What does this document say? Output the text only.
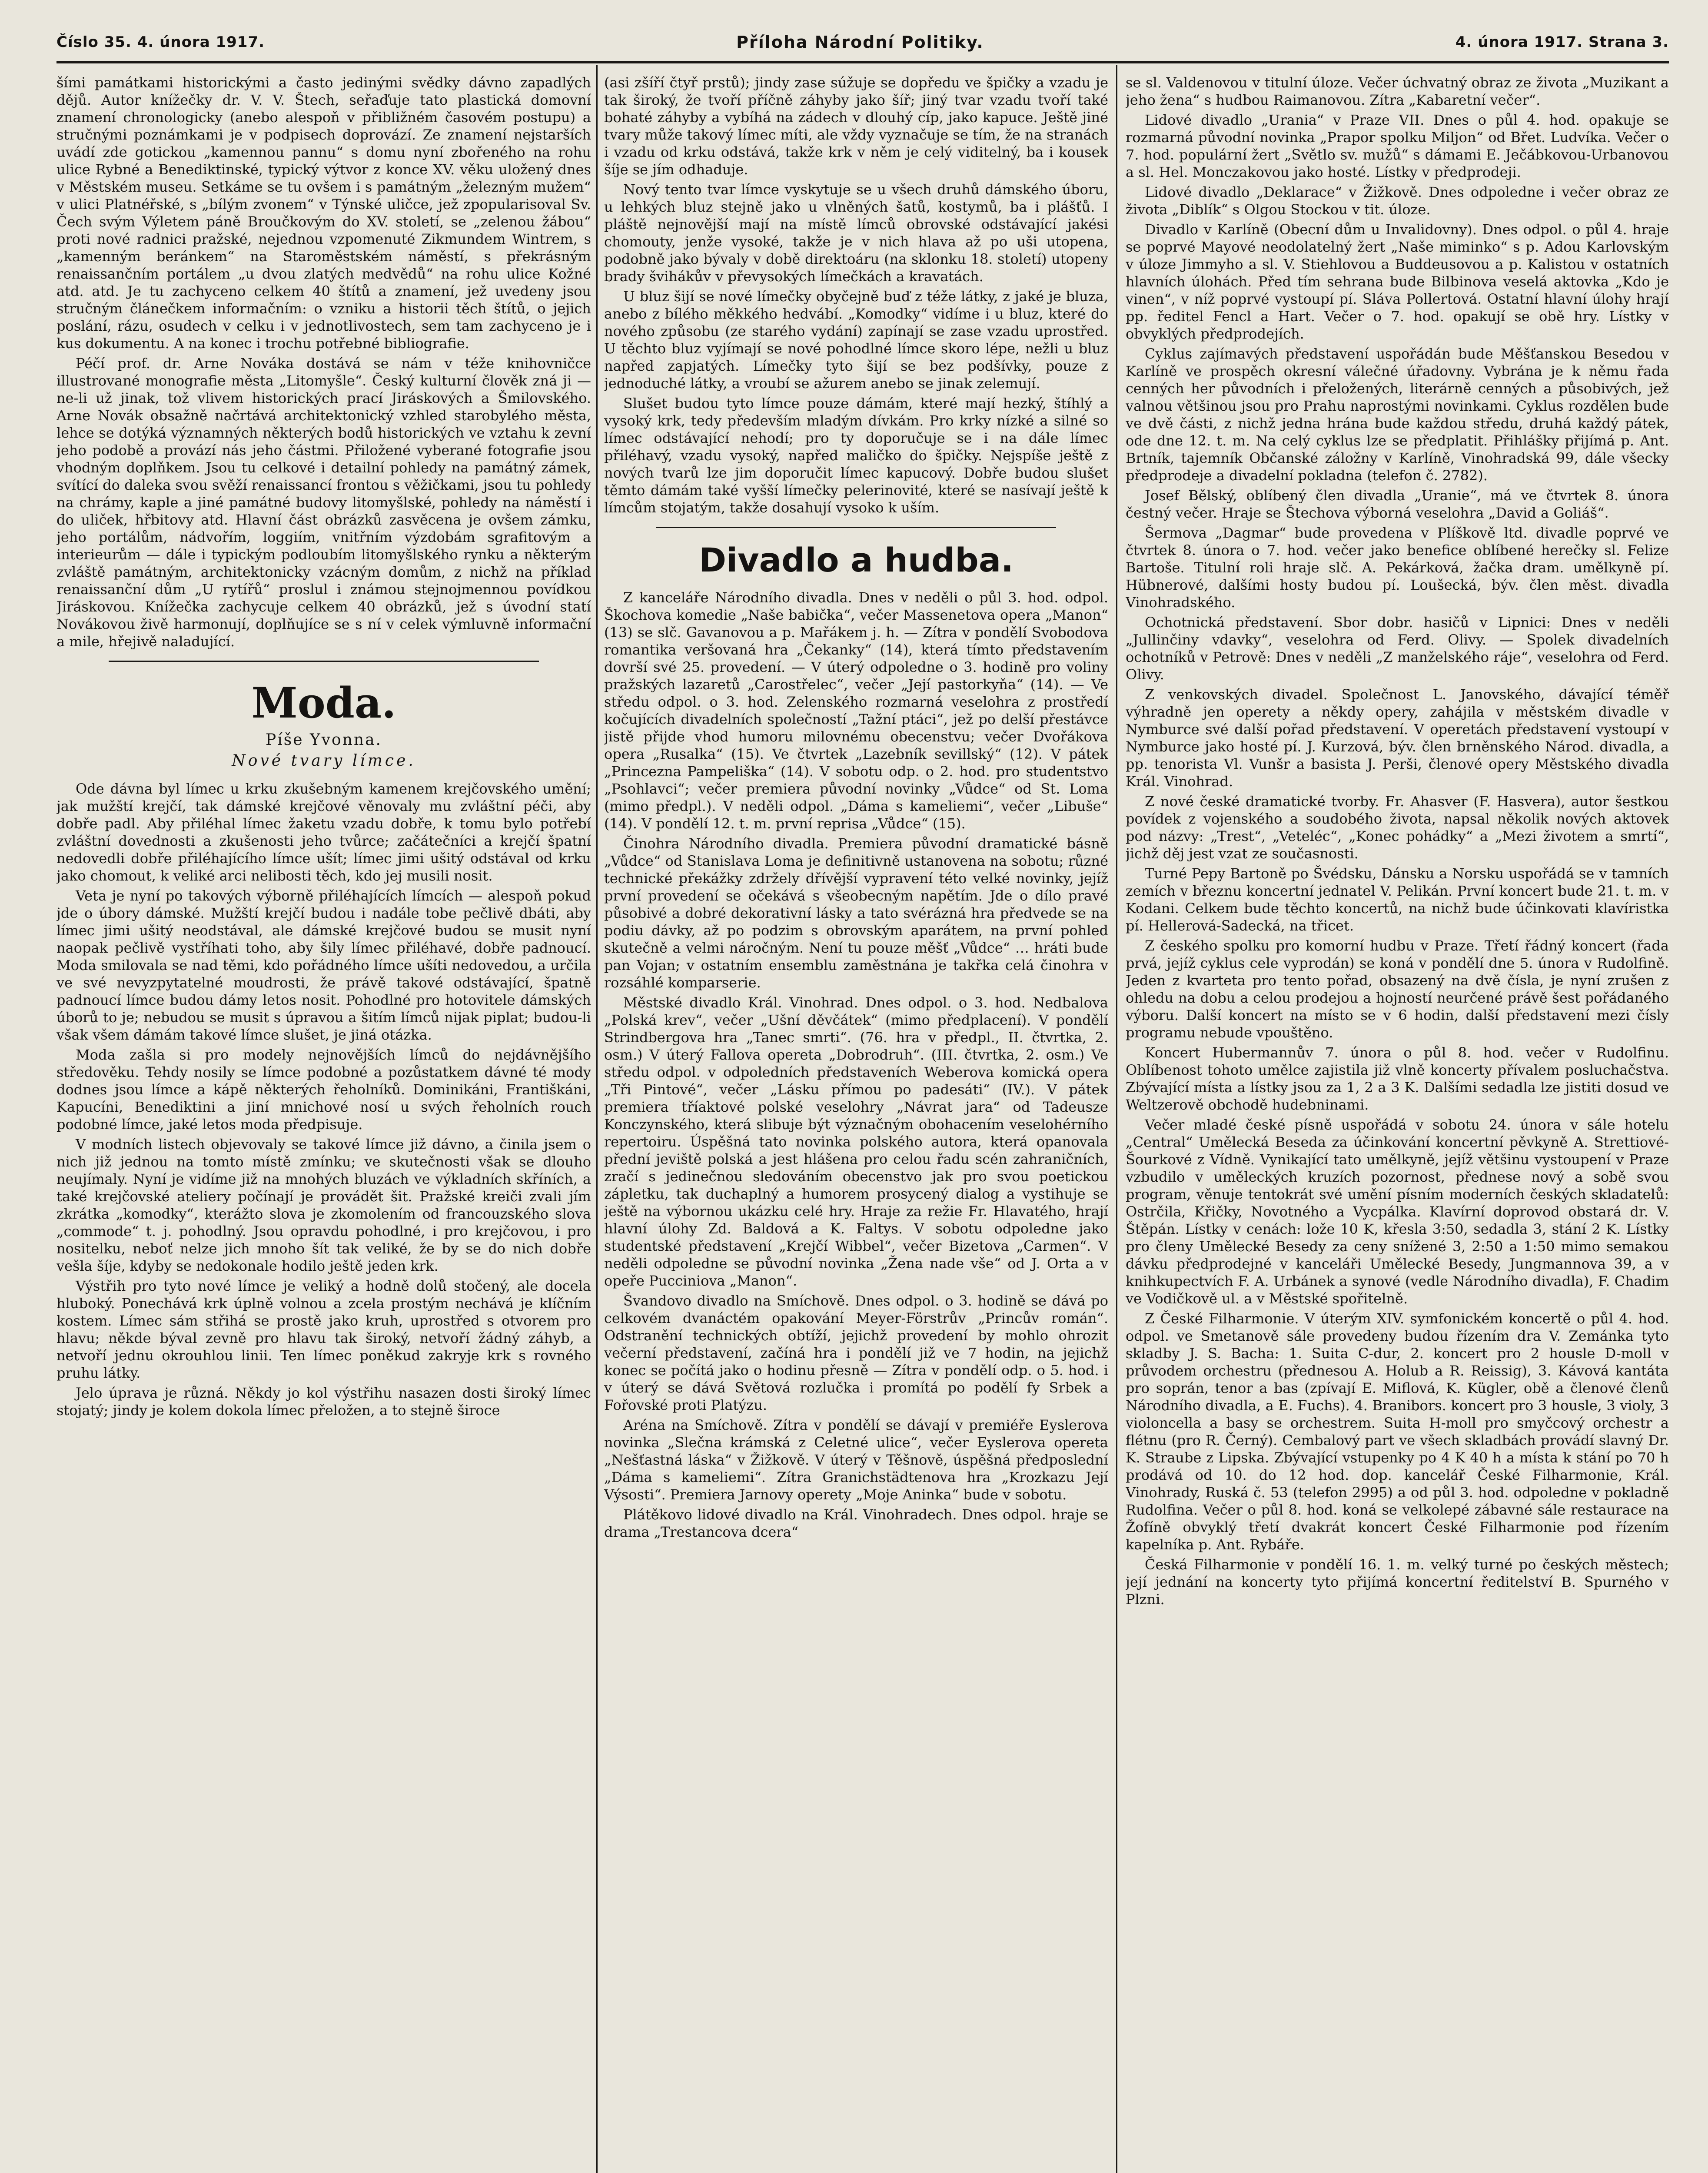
Číslo 35. 4. února 1917.	Příloha Národní Politiky.	4. února 1917. Strana 3.

šími památkami historickými a často jedinými svědky dávno zapadlých dějů. Autor knížečky dr. V. V. Štech, seřaďuje tato plastická domovní znamení chronologicky (anebo alespoň v přibližném časovém postupu) a stručnými poznámkami je v podpisech doprovází. Ze znamení nejstarších uvádí zde gotickou „kamennou pannu“ s domu nyní zbořeného na rohu ulice Rybné a Benediktinské, typický výtvor z konce XV. věku uložený dnes v Městském museu. Setkáme se tu ovšem i s památným „železným mužem“ v ulici Platnéřské, s „bílým zvonem“ v Týnské uličce, jež zpopularisoval Sv. Čech svým Výletem páně Broučkovým do XV. století, se „zelenou žábou“ proti nové radnici pražské, nejednou vzpomenuté Zikmundem Wintrem, s „kamenným beránkem“ na Staroměstském náměstí, s překrásným renaissančním portálem „u dvou zlatých medvědů“ na rohu ulice Kožné atd. atd. Je tu zachyceno celkem 40 štítů a znamení, jež uvedeny jsou stručným článečkem informačním: o vzniku a historii těch štítů, o jejich poslání, rázu, osudech v celku i v jednotlivostech, sem tam zachyceno je i kus dokumentu. A na konec i trochu potřebné bibliografie.

Péčí prof. dr. Arne Nováka dostává se nám v téže knihovničce illustrované monografie města „Litomyšle“. Český kulturní člověk zná ji — ne-li už jinak, tož vlivem historických prací Jiráskových a Šmilovského. Arne Novák obsažně načrtává architektonický vzhled starobylého města, lehce se dotýká významných některých bodů historických ve vztahu k zevní jeho podobě a provází nás jeho částmi. Přiložené vyberané fotografie jsou vhodným doplňkem. Jsou tu celkové i detailní pohledy na památný zámek, svítící do daleka svou svěží renaissancí frontou s věžičkami, jsou tu pohledy na chrámy, kaple a jiné památné budovy litomyšlské, pohledy na náměstí i do uliček, hřbitovy atd. Hlavní část obrázků zasvěcena je ovšem zámku, jeho portálům, nádvořím, loggiím, vnitřním výzdobám sgrafitovým a interieurům — dále i typickým podloubím litomyšlského rynku a některým zvláště památným, architektonicky vzácným domům, z nichž na příklad renaissanční dům „U rytířů“ proslul i známou stejnojmennou povídkou Jiráskovou. Knížečka zachycuje celkem 40 obrázků, jež s úvodní statí Novákovou živě harmonují, doplňujíce se s ní v celek výmluvně informační a mile, hřejivě naladující.

Moda.
Píše Yvonna.
Nové tvary límce.

Ode dávna byl límec u krku zkušebným kamenem krejčovského umění; jak mužští krejčí, tak dámské krejčové věnovaly mu zvláštní péči, aby dobře padl. Aby přiléhal límec žaketu vzadu dobře, k tomu bylo potřebí zvláštní dovednosti a zkušenosti jeho tvůrce; začátečníci a krejčí špatní nedovedli dobře přiléhajícího límce ušít; límec jimi ušitý odstával od krku jako chomout, k veliké arci nelibosti těch, kdo jej musili nosit.

Veta je nyní po takových výborně přiléhajících límcích — alespoň pokud jde o úbory dámské. Mužští krejčí budou i nadále tobe pečlivě dbáti, aby límec jimi ušitý neodstával, ale dámské krejčové budou se musit nyní naopak pečlivě vystříhati toho, aby šily límec přiléhavé, dobře padnoucí. Moda smilovala se nad těmi, kdo pořádného límce ušíti nedovedou, a určila ve své nevyzpytatelné moudrosti, že právě takové odstávající, špatně padnoucí límce budou dámy letos nosit. Pohodlné pro hotovitele dámských úborů to je; nebudou se musit s úpravou a šitím límců nijak piplat; budou-li však všem dámám takové límce slušet, je jiná otázka.

Moda zašla si pro modely nejnovějších límců do nejdávnějšího středověku. Tehdy nosily se límce podobné a pozůstatkem dávné té mody dodnes jsou límce a kápě některých řeholníků. Dominikáni, Františkáni, Kapucíni, Benediktini a jiní mnichové nosí u svých řeholních rouch podobné límce, jaké letos moda předpisuje.

V modních listech objevovaly se takové límce již dávno, a činila jsem o nich již jednou na tomto místě zmínku; ve skutečnosti však se dlouho neujímaly. Nyní je vidíme již na mnohých bluzách ve výkladních skříních, a také krejčovské ateliery počínají je provádět šit. Pražské kreiči zvali jím zkrátka „komodky“, kterážto slova je zkomolením od francouzského slova „commode“ t. j. pohodlný. Jsou opravdu pohodlné, i pro krejčovou, i pro nositelku, neboť nelze jich mnoho šít tak veliké, že by se do nich dobře vešla šíje, kdyby se nedokonale hodilo ještě jeden krk.

Výstřih pro tyto nové límce je veliký a hodně dolů stočený, ale docela hluboký. Ponechává krk úplně volnou a zcela prostým nechává je klíčním kostem. Límec sám střihá se prostě jako kruh, uprostřed s otvorem pro hlavu; někde býval zevně pro hlavu tak široký, netvoří žádný záhyb, a netvoří jednu okrouhlou linii. Ten límec poněkud zakryje krk s rovného pruhu látky.

Jelo úprava je různá. Někdy jo kol výstřihu nasazen dosti široký límec stojatý; jindy je kolem dokola límec přeložen, a to stejně široce

(asi zšíří čtyř prstů); jindy zase súžuje se dopředu ve špičky a vzadu je tak široký, že tvoří příčně záhyby jako šíř; jiný tvar vzadu tvoří také bohaté záhyby a vybíhá na zádech v dlouhý cíp, jako kapuce. Ještě jiné tvary může takový límec míti, ale vždy vyznačuje se tím, že na stranách i vzadu od krku odstává, takže krk v něm je celý viditelný, ba i kousek šíje se jím odhaduje.

Nový tento tvar límce vyskytuje se u všech druhů dámského úboru, u lehkých bluz stejně jako u vlněných šatů, kostymů, ba i plášťů. I pláště nejnovější mají na místě límců obrovské odstávající jakési chomouty, jenže vysoké, takže je v nich hlava až po uši utopena, podobně jako bývaly v době direktoáru (na sklonku 18. století) utopeny brady švihákův v převysokých límečkách a kravatách.

U bluz šijí se nové límečky obyčejně buď z téže látky, z jaké je bluza, anebo z bílého měkkého hedvábí. „Komodky“ vidíme i u bluz, které do nového způsobu (ze starého vydání) zapínají se zase vzadu uprostřed. U těchto bluz vyjímají se nové pohodlné límce skoro lépe, nežli u bluz napřed zapjatých. Límečky tyto šijí se bez podšívky, pouze z jednoduché látky, a vroubí se ažurem anebo se jinak zelemují.

Slušet budou tyto límce pouze dámám, které mají hezký, štíhlý a vysoký krk, tedy především mladým dívkám. Pro krky nízké a silné so límec odstávající nehodí; pro ty doporučuje se i na dále límec přiléhavý, vzadu vysoký, napřed maličko do špičky. Nejspíše ještě z nových tvarů lze jim doporučit límec kapucový. Dobře budou slušet těmto dámám také vyšší límečky pelerinovité, které se nasívají ještě k límcům stojatým, takže dosahují vysoko k uším.

Divadlo a hudba.

Z kanceláře Národního divadla. Dnes v neděli o půl 3. hod. odpol. Škochova komedie „Naše babička“, večer Massenetova opera „Manon“ (13) se slč. Gavanovou a p. Mařákem j. h. — Zítra v pondělí Svobodova romantika veršovaná hra „Čekanky“ (14), která tímto představením dovrší své 25. provedení. — V úterý odpoledne o 3. hodině pro voliny pražských lazaretů „Carostřelec“, večer „Její pastorkyňa“ (14). — Ve středu odpol. o 3. hod. Zelenského rozmarná veselohra z prostředí kočujících divadelních společností „Tažní ptáci“, jež po delší přestávce jistě přijde vhod humoru milovnému obecenstvu; večer Dvořákova opera „Rusalka“ (15). Ve čtvrtek „Lazebník sevillský“ (12). V pátek „Princezna Pampeliška“ (14). V sobotu odp. o 2. hod. pro studentstvo „Psohlavci“; večer premiera původní novinky „Vůdce“ od St. Loma (mimo předpl.). V neděli odpol. „Dáma s kameliemi“, večer „Libuše“ (14). V pondělí 12. t. m. první reprisa „Vůdce“ (15).

Činohra Národního divadla. Premiera původní dramatické básně „Vůdce“ od Stanislava Loma je definitivně ustanovena na sobotu; různé technické překážky zdržely dřívější vypravení této velké novinky, jejíž první provedení se očekává s všeobecným napětím. Jde o dílo pravé působivé a dobré dekorativní lásky a tato svérázná hra předvede se na podiu dávky, až po podzim s obrovským aparátem, na první pohled skutečně a velmi náročným. Není tu pouze měšť „Vůdce“ … hráti bude pan Vojan; v ostatním ensemblu zaměstnána je takřka celá činohra v rozsáhlé komparserie.

Městské divadlo Král. Vinohrad. Dnes odpol. o 3. hod. Nedbalova „Polská krev“, večer „Ušní děvčátek“ (mimo předplacení). V pondělí Strindbergova hra „Tanec smrti“. (76. hra v předpl., II. čtvrtka, 2. osm.) V úterý Fallova opereta „Dobrodruh“. (III. čtvrtka, 2. osm.) Ve středu odpol. v odpoledních představeních Weberova komická opera „Tři Pintové“, večer „Lásku přímou po padesáti“ (IV.). V pátek premiera tříaktové polské veselohry „Návrat jara“ od Tadeusze Konczynského, která slibuje být význačným obohacením veselohérního repertoiru. Úspěšná tato novinka polského autora, která opanovala přední jeviště polská a jest hlášena pro celou řadu scén zahraničních, zračí s jedinečnou sledováním obecenstvo jak pro svou poetickou zápletku, tak duchaplný a humorem prosycený dialog a vystihuje se ještě na výbornou ukázku celé hry. Hraje za režie Fr. Hlavatého, hrají hlavní úlohy Zd. Baldová a K. Faltys. V sobotu odpoledne jako studentské představení „Krejčí Wibbel“, večer Bizetova „Carmen“. V neděli odpoledne se původní novinka „Žena nade vše“ od J. Orta a v opeře Pucciniova „Manon“.

Švandovo divadlo na Smíchově. Dnes odpol. o 3. hodině se dává po celkovém dvanáctém opakování Meyer-Förstrův „Princův román“. Odstranění technických obtíží, jejichž provedení by mohlo ohrozit večerní představení, začíná hra i pondělí již ve 7 hodin, na jejichž konec se počítá jako o hodinu přesně — Zítra v pondělí odp. o 5. hod. i v úterý se dává Světová rozlučka i promítá po podělí fy Srbek a Fořovské proti Platýzu.

Aréna na Smíchově. Zítra v pondělí se dávají v premiéře Eyslerova novinka „Slečna krámská z Celetné ulice“, večer Eyslerova opereta „Nešťastná láska“ v Žižkově. V úterý v Těšnově, úspěšná předposlední „Dáma s kameliemi“. Zítra Granichstädtenova hra „Krozkazu Její Výsosti“. Premiera Jarnovy operety „Moje Aninka“ bude v sobotu.

Plátěkovo lidové divadlo na Král. Vinohradech. Dnes odpol. hraje se drama „Trestancova dcera“

se sl. Valdenovou v titulní úloze. Večer úchvatný obraz ze života „Muzikant a jeho žena“ s hudbou Raimanovou. Zítra „Kabaretní večer“.

Lidové divadlo „Urania“ v Praze VII. Dnes o půl 4. hod. opakuje se rozmarná původní novinka „Prapor spolku Miljon“ od Břet. Ludvíka. Večer o 7. hod. populární žert „Světlo sv. mužů“ s dámami E. Ječábkovou-Urbanovou a sl. Hel. Monczakovou jako hosté. Lístky v předprodeji.

Lidové divadlo „Deklarace“ v Žižkově. Dnes odpoledne i večer obraz ze života „Diblík“ s Olgou Stockou v tit. úloze.

Divadlo v Karlíně (Obecní dům u Invalidovny). Dnes odpol. o půl 4. hraje se poprvé Mayové neodolatelný žert „Naše miminko“ s p. Adou Karlovským v úloze Jimmyho a sl. V. Stiehlovou a Buddeusovou a p. Kalistou v ostatních hlavních úlohách. Před tím sehrana bude Bilbinova veselá aktovka „Kdo je vinen“, v níž poprvé vystoupí pí. Sláva Pollertová. Ostatní hlavní úlohy hrají pp. ředitel Fencl a Hart. Večer o 7. hod. opakují se obě hry. Lístky v obvyklých předprodejích.

Cyklus zajímavých představení uspořádán bude Měšťanskou Besedou v Karlíně ve prospěch okresní válečné úřadovny. Vybrána je k němu řada cenných her původních i přeložených, literárně cenných a působivých, jež valnou většinou jsou pro Prahu naprostými novinkami. Cyklus rozdělen bude ve dvě části, z nichž jedna hrána bude každou středu, druhá každý pátek, ode dne 12. t. m. Na celý cyklus lze se předplatit. Přihlášky přijímá p. Ant. Brtník, tajemník Občanské záložny v Karlíně, Vinohradská 99, dále všecky předprodeje a divadelní pokladna (telefon č. 2782).

Josef Bělský, oblíbený člen divadla „Uranie“, má ve čtvrtek 8. února čestný večer. Hraje se Štechova výborná veselohra „David a Goliáš“.

Šermova „Dagmar“ bude provedena v Plíškově ltd. divadle poprvé ve čtvrtek 8. února o 7. hod. večer jako benefice oblíbené herečky sl. Felize Bartoše. Titulní roli hraje slč. A. Pekárková, žačka dram. umělkyně pí. Hübnerové, dalšími hosty budou pí. Loušecká, býv. člen měst. divadla Vinohradského.

Ochotnická představení. Sbor dobr. hasičů v Lipnici: Dnes v neděli „Jullinčiny vdavky“, veselohra od Ferd. Olivy. — Spolek divadelních ochotníků v Petrově: Dnes v neděli „Z manželského ráje“, veselohra od Ferd. Olivy.

Z venkovských divadel. Společnost L. Janovského, dávající téměř výhradně jen operety a někdy opery, zahájila v městském divadle v Nymburce své další pořad představení. V operetách představení vystoupí v Nymburce jako hosté pí. J. Kurzová, býv. člen brněnského Národ. divadla, a pp. tenorista Vl. Vunšr a basista J. Perši, členové opery Městského divadla Král. Vinohrad.

Z nové české dramatické tvorby. Fr. Ahasver (F. Hasvera), autor šestkou povídek z vojenského a soudobého života, napsal několik nových aktovek pod názvy: „Trest“, „Veteléc“, „Konec pohádky“ a „Mezi životem a smrtí“, jichž děj jest vzat ze současnosti.

Turné Pepy Bartoně po Švédsku, Dánsku a Norsku uspořádá se v tamních zemích v březnu koncertní jednatel V. Pelikán. První koncert bude 21. t. m. v Kodani. Celkem bude těchto koncertů, na nichž bude účinkovati klavíristka pí. Hellerová-Sadecká, na třicet.

Z českého spolku pro komorní hudbu v Praze. Třetí řádný koncert (řada prvá, jejíž cyklus cele vyprodán) se koná v pondělí dne 5. února v Rudolfině. Jeden z kvarteta pro tento pořad, obsazený na dvě čísla, je nyní zrušen z ohledu na dobu a celou prodejou a hojností neurčené právě šest pořádaného výboru. Další koncert na místo se v 6 hodin, další představení mezi čísly programu nebude vpouštěno.

Koncert Hubermannův 7. února o půl 8. hod. večer v Rudolfinu. Oblíbenost tohoto umělce zajistila již vlně koncerty přívalem posluchačstva. Zbývající místa a lístky jsou za 1, 2 a 3 K. Dalšími sedadla lze jistiti dosud ve Weltzerově obchodě hudebninami.

Večer mladé české písně uspořádá v sobotu 24. února v sále hotelu „Central“ Umělecká Beseda za účinkování koncertní pěvkyně A. Strettiové-Šourkové z Vídně. Vynikající tato umělkyně, jejíž většinu vystoupení v Praze vzbudilo v uměleckých kruzích pozornost, přednese nový a sobě svou program, věnuje tentokrát své umění písním moderních českých skladatelů: Ostrčila, Křičky, Novotného a Vycpálka. Klavírní doprovod obstará dr. V. Štěpán. Lístky v cenách: lože 10 K, křesla 3:50, sedadla 3, stání 2 K. Lístky pro členy Umělecké Besedy za ceny snížené 3, 2:50 a 1:50 mimo semakou dávku předprodejné v kanceláři Umělecké Besedy, Jungmannova 39, a v knihkupectvích F. A. Urbánek a synové (vedle Národního divadla), F. Chadim ve Vodičkově ul. a v Městské spořitelně.

Z České Filharmonie. V úterým XIV. symfonickém koncertě o půl 4. hod. odpol. ve Smetanově sále provedeny budou řízením dra V. Zemánka tyto skladby J. S. Bacha: 1. Suita C-dur, 2. koncert pro 2 housle D-moll v průvodem orchestru (přednesou A. Holub a R. Reissig), 3. Kávová kantáta pro soprán, tenor a bas (zpívají E. Miflová, K. Kügler, obě a členové členů Národního divadla, a E. Fuchs). 4. Branibors. koncert pro 3 housle, 3 violy, 3 violoncella a basy se orchestrem. Suita H-moll pro smyčcový orchestr a flétnu (pro R. Černý). Cembalový part ve všech skladbách provádí slavný Dr. K. Straube z Lipska. Zbývající vstupenky po 4 K 40 h a místa k stání po 70 h prodává od 10. do 12 hod. dop. kancelář České Filharmonie, Král. Vinohrady, Ruská č. 53 (telefon 2995) a od půl 3. hod. odpoledne v pokladně Rudolfina. Večer o půl 8. hod. koná se velkolepé zábavné sále restaurace na Žofíně obvyklý třetí dvakrát koncert České Filharmonie pod řízením kapelníka p. Ant. Rybáře.

Česká Filharmonie v pondělí 16. 1. m. velký turné po českých městech; její jednání na koncerty tyto přijímá koncertní ředitelství B. Spurného v Plzni.
